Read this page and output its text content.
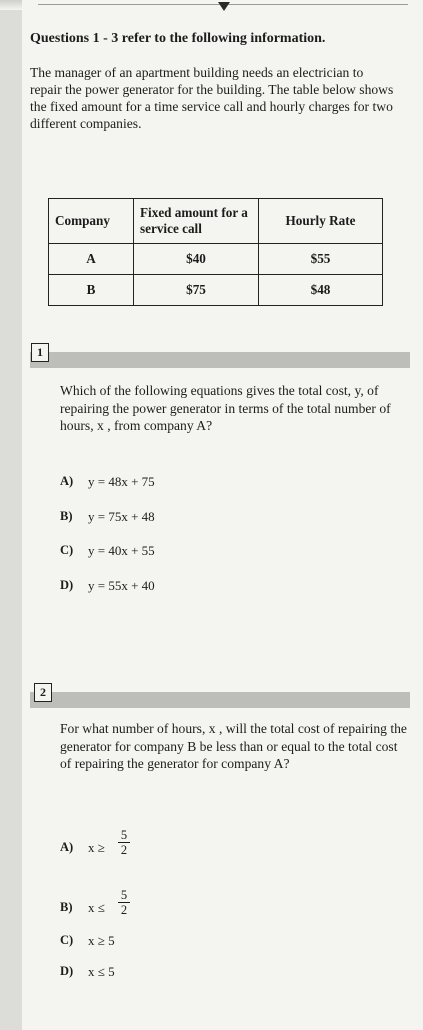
Questions 1 - 3 refer to the following information.
The manager of an apartment building needs an electrician to repair the power generator for the building. The table below shows the fixed amount for a time service call and hourly charges for two different companies.
Company	Fixed amount for a service call	Hourly Rate
A	$40	$55
B	$75	$48
1
Which of the following equations gives the total cost, y, of repairing the power generator in terms of the total number of hours, x , from company A?
A)	y = 48x + 75
B)	y = 75x + 48
C)	y = 40x + 55
D)	y = 55x + 40
2
For what number of hours, x , will the total cost of repairing the generator for company B be less than or equal to the total cost of repairing the generator for company A?
A) $x \ge \frac{5}{2}$
B) $x \le \frac{5}{2}$
C)	x ≥ 5
D)	x ≤ 5
